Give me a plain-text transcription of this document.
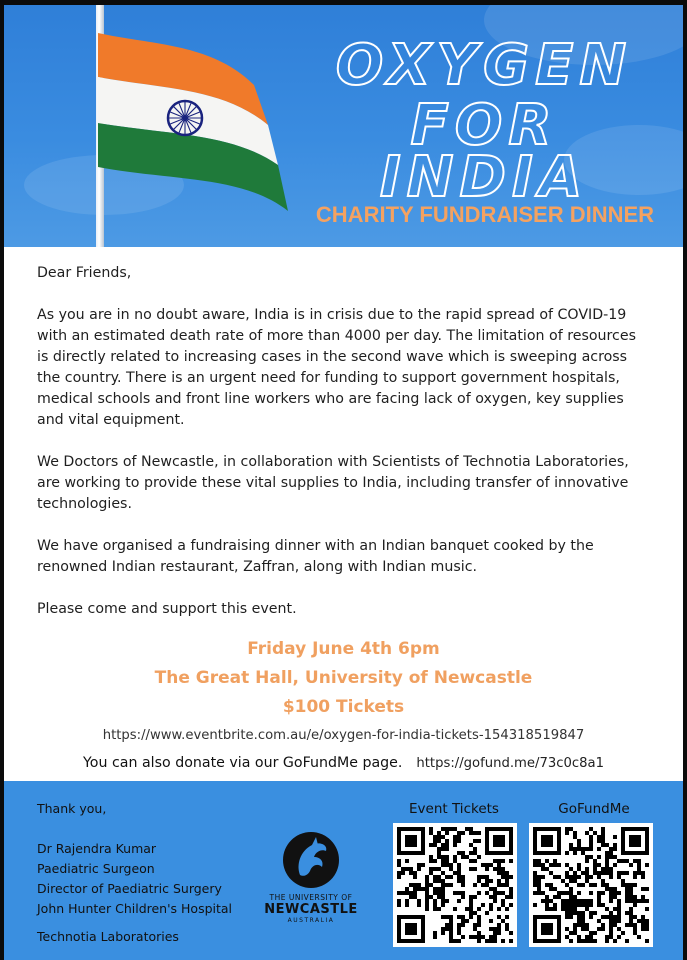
OXYGEN
FOR
INDIA
CHARITY FUNDRAISER DINNER
Dear Friends,

As you are in no doubt aware, India is in crisis due to the rapid spread of COVID-19 with an estimated death rate of more than 4000 per day. The limitation of resources is directly related to increasing cases in the second wave which is sweeping across the country. There is an urgent need for funding to support government hospitals, medical schools and front line workers who are facing lack of oxygen, key supplies and vital equipment.

We Doctors of Newcastle, in collaboration with Scientists of Technotia Laboratories, are working to provide these vital supplies to India, including transfer of innovative technologies.

We have organised a fundraising dinner with an Indian banquet cooked by the renowned Indian restaurant, Zaffran, along with Indian music.

Please come and support this event.

Friday June 4th 6pm
The Great Hall, University of Newcastle
$100 Tickets
https://www.eventbrite.com.au/e/oxygen-for-india-tickets-154318519847
You can also donate via our GoFundMe page. https://gofund.me/73c0c8a1
Thank you,
Dr Rajendra Kumar
Paediatric Surgeon
Director of Paediatric Surgery
John Hunter Children's Hospital
Technotia Laboratories
THE UNIVERSITY OF
NEWCASTLE
AUSTRALIA
Event Tickets	GoFundMe
